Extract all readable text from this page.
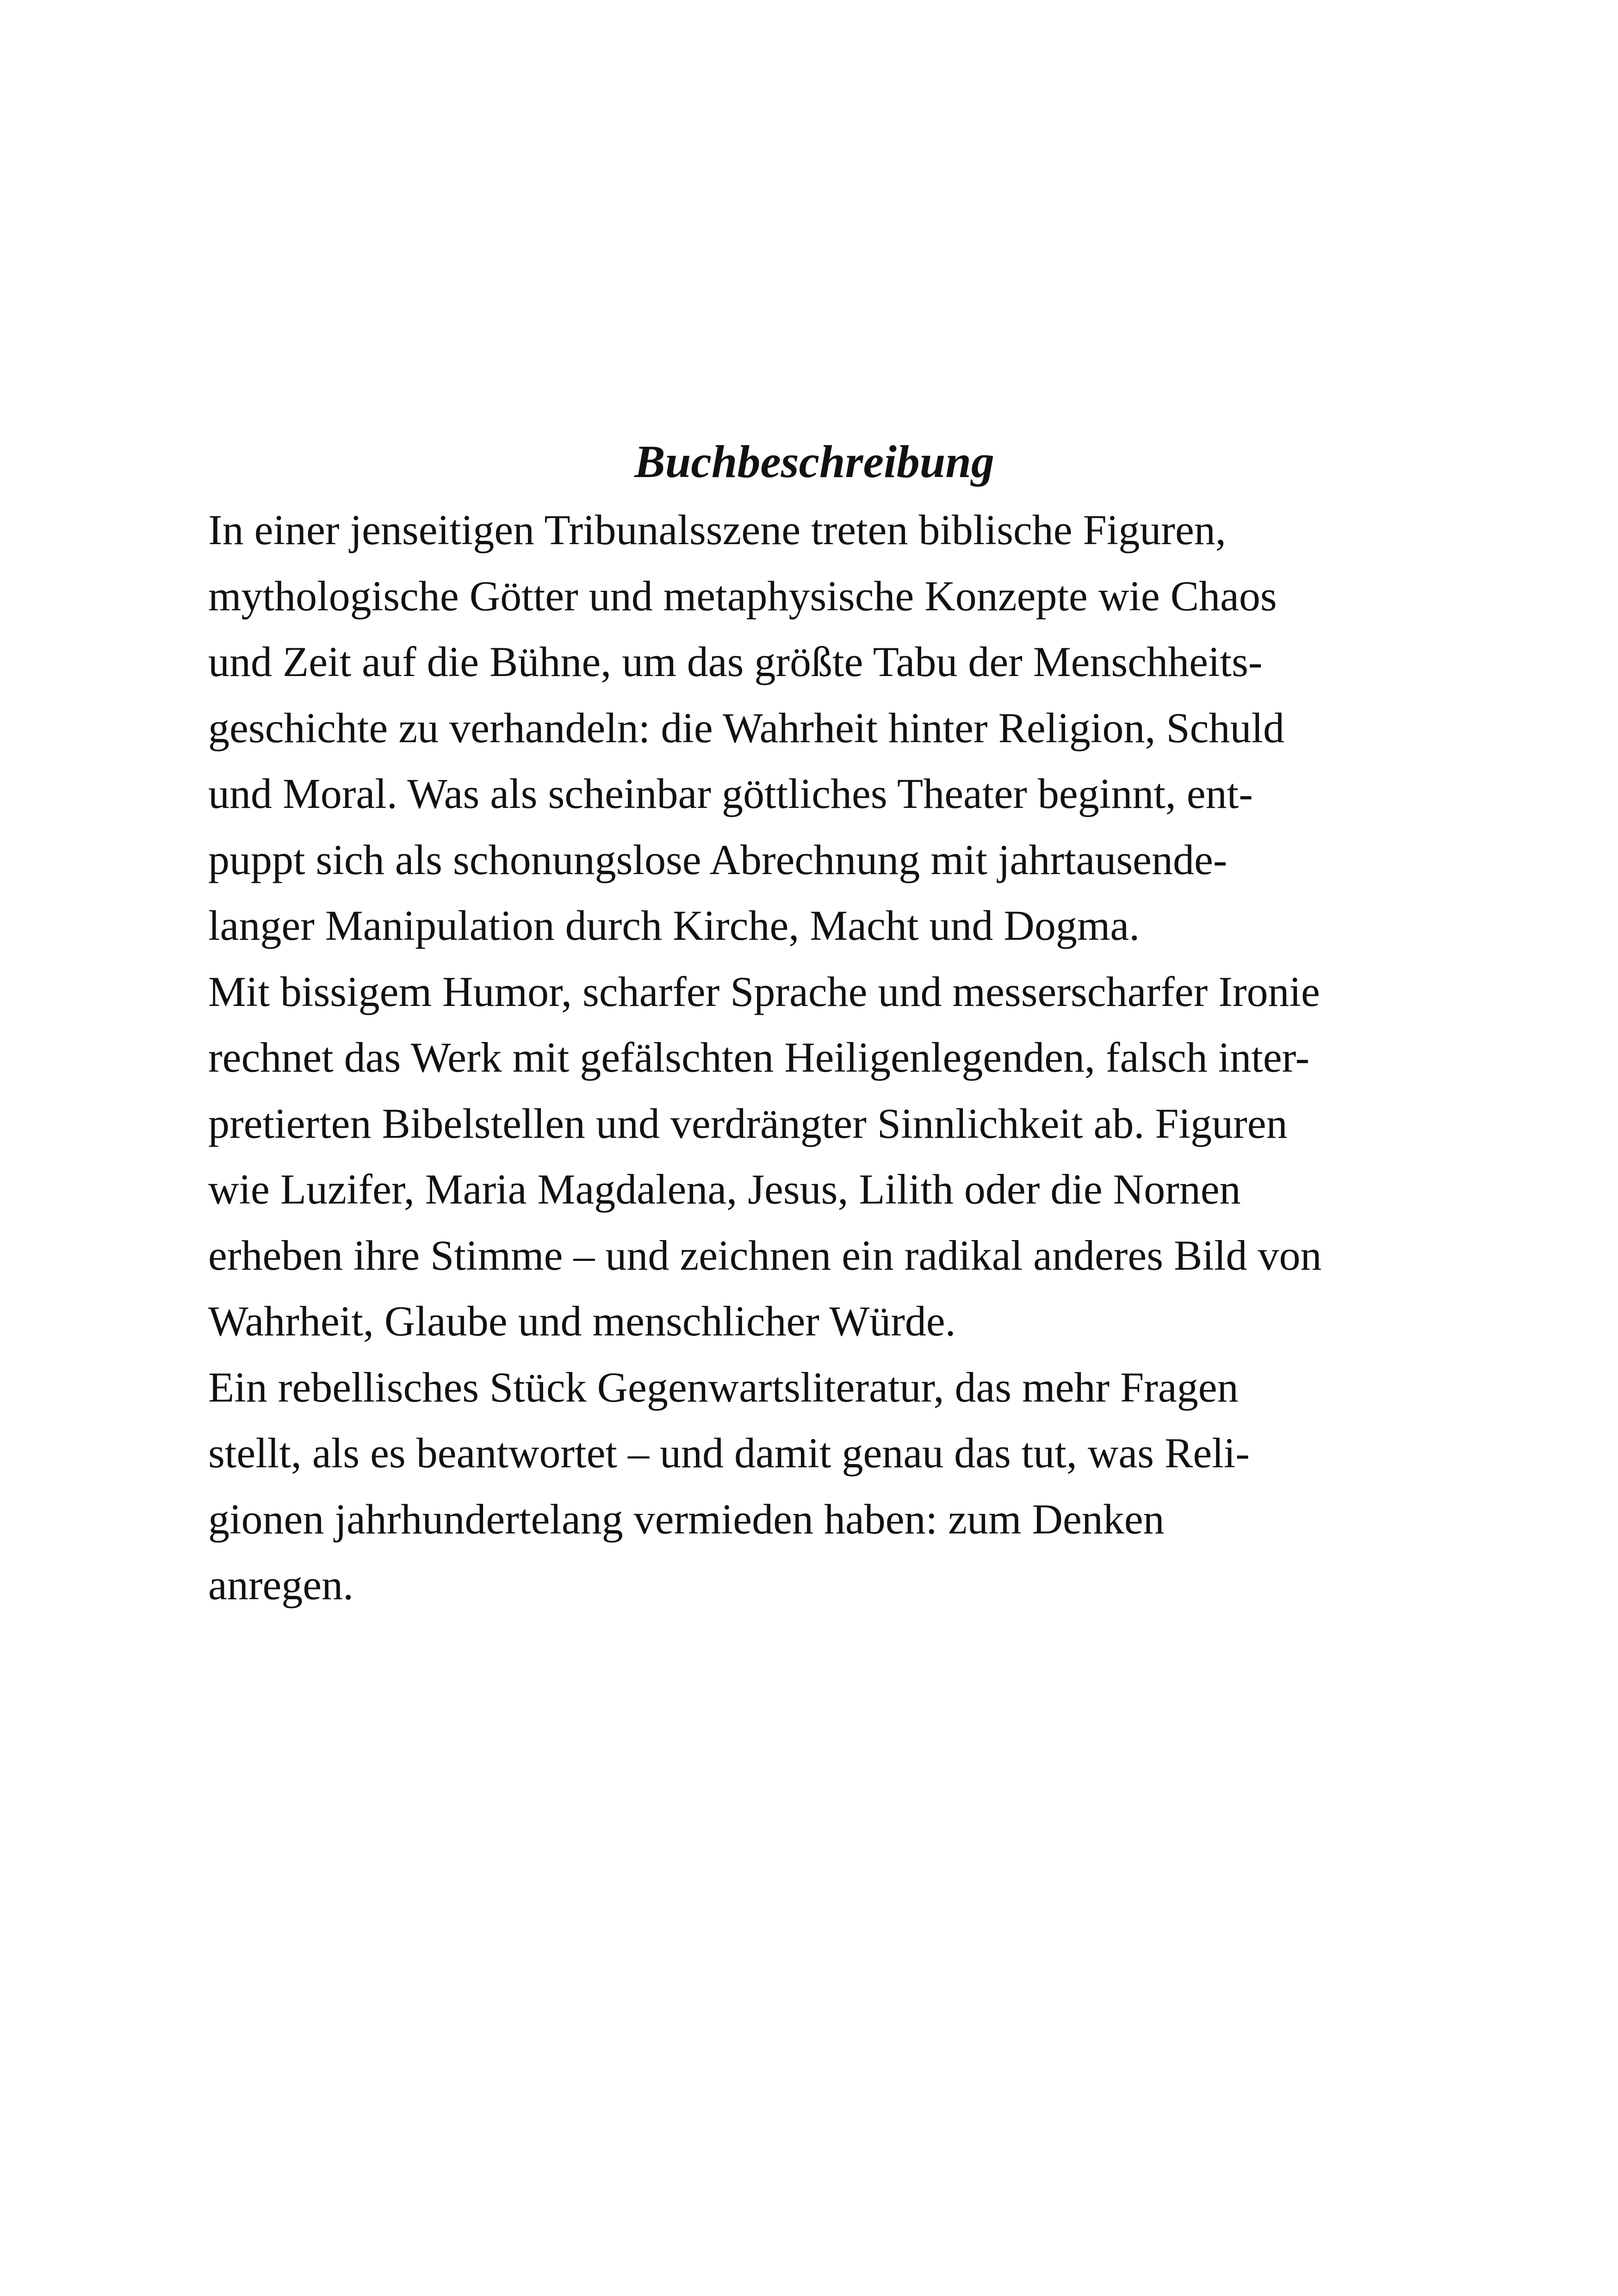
Buchbeschreibung
In einer jenseitigen Tribunalsszene treten biblische Figuren,
mythologische Götter und metaphysische Konzepte wie Chaos
und Zeit auf die Bühne, um das größte Tabu der Menschheits-
geschichte zu verhandeln: die Wahrheit hinter Religion, Schuld
und Moral. Was als scheinbar göttliches Theater beginnt, ent-
puppt sich als schonungslose Abrechnung mit jahrtausende-
langer Manipulation durch Kirche, Macht und Dogma.
Mit bissigem Humor, scharfer Sprache und messerscharfer Ironie
rechnet das Werk mit gefälschten Heiligenlegenden, falsch inter-
pretierten Bibelstellen und verdrängter Sinnlichkeit ab. Figuren
wie Luzifer, Maria Magdalena, Jesus, Lilith oder die Nornen
erheben ihre Stimme – und zeichnen ein radikal anderes Bild von
Wahrheit, Glaube und menschlicher Würde.
Ein rebellisches Stück Gegenwartsliteratur, das mehr Fragen
stellt, als es beantwortet – und damit genau das tut, was Reli-
gionen jahrhundertelang vermieden haben: zum Denken
anregen.
